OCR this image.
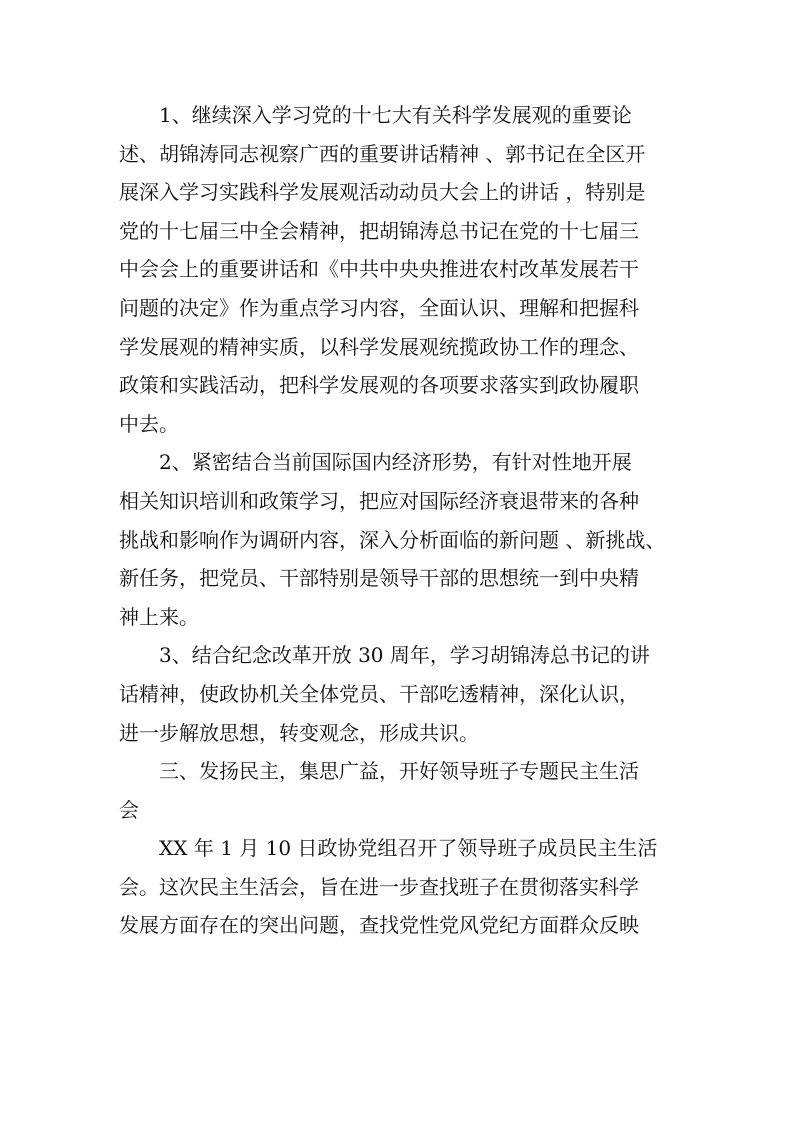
1、继续深入学习党的十七大有关科学发展观的重要论
述、胡锦涛同志视察广西的重要讲话精神 、郭书记在全区开
展深入学习实践科学发展观活动动员大会上的讲话 ，特别是
党的十七届三中全会精神，把胡锦涛总书记在党的十七届三
中会会上的重要讲话和《中共中央央推进农村改革发展若干
问题的决定》作为重点学习内容，全面认识、理解和把握科
学发展观的精神实质，以科学发展观统揽政协工作的理念、
政策和实践活动，把科学发展观的各项要求落实到政协履职
中去。
2、紧密结合当前国际国内经济形势，有针对性地开展
相关知识培训和政策学习，把应对国际经济衰退带来的各种
挑战和影响作为调研内容，深入分析面临的新问题 、新挑战、
新任务，把党员、干部特别是领导干部的思想统一到中央精
神上来。
3、结合纪念改革开放 30 周年，学习胡锦涛总书记的讲
话精神，使政协机关全体党员、干部吃透精神，深化认识，
进一步解放思想，转变观念，形成共识。
三、发扬民主，集思广益，开好领导班子专题民主生活
会
XX 年 1 月 10 日政协党组召开了领导班子成员民主生活
会。这次民主生活会，旨在进一步查找班子在贯彻落实科学
发展方面存在的突出问题，查找党性党风党纪方面群众反映
